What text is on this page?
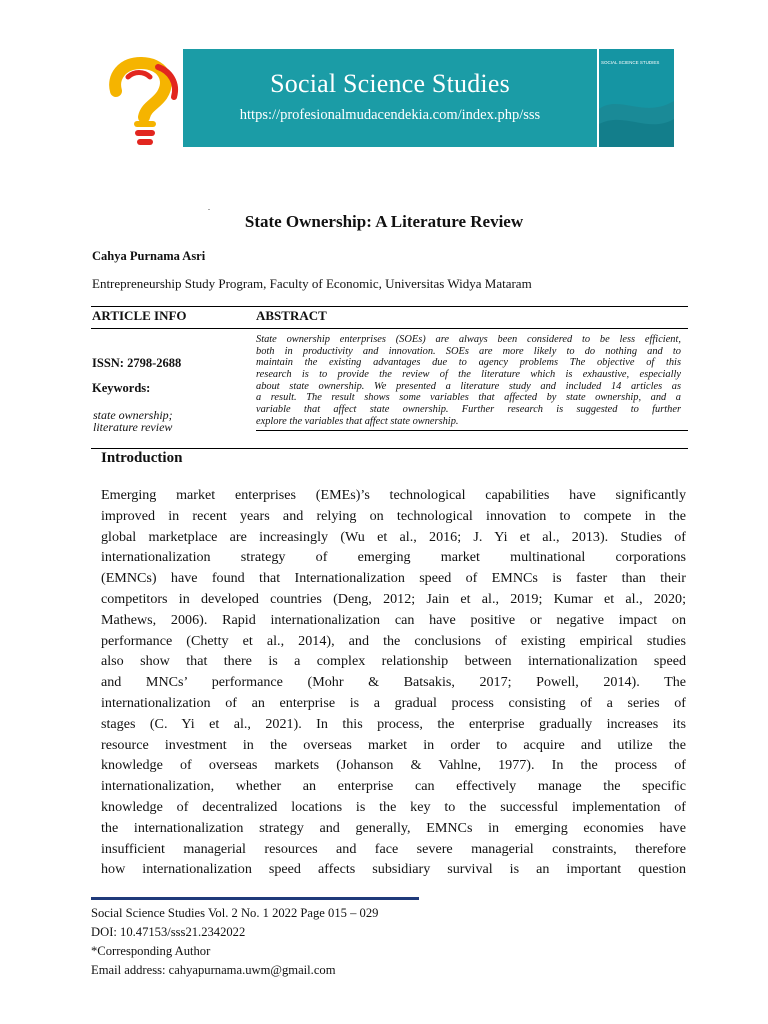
Social Science Studies
https://profesionalmudacendekia.com/index.php/sss
SOCIAL SCIENCE STUDIES
.
State Ownership: A Literature Review
Cahya Purnama Asri
Entrepreneurship Study Program, Faculty of Economic, Universitas Widya Mataram
ARTICLE INFO	ABSTRACT
ISSN: 2798-2688
Keywords:
state ownership;
literature review
State ownership enterprises (SOEs) are always been considered to be less efficient,
both in productivity and innovation. SOEs are more likely to do nothing and to
maintain the existing advantages due to agency problems The objective of this
research is to provide the review of the literature which is exhaustive, especially
about state ownership. We presented a literature study and included 14 articles as
a result. The result shows some variables that affected by state ownership, and a
variable that affect state ownership. Further research is suggested to further
explore the variables that affect state ownership.
Introduction
Emerging market enterprises (EMEs)’s technological capabilities have significantly
improved in recent years and relying on technological innovation to compete in the
global marketplace are increasingly (Wu et al., 2016; J. Yi et al., 2013). Studies of
internationalization strategy of emerging market multinational corporations
(EMNCs) have found that Internationalization speed of EMNCs is faster than their
competitors in developed countries (Deng, 2012; Jain et al., 2019; Kumar et al., 2020;
Mathews, 2006). Rapid internationalization can have positive or negative impact on
performance (Chetty et al., 2014), and the conclusions of existing empirical studies
also show that there is a complex relationship between internationalization speed
and MNCs’ performance (Mohr & Batsakis, 2017; Powell, 2014). The
internationalization of an enterprise is a gradual process consisting of a series of
stages (C. Yi et al., 2021). In this process, the enterprise gradually increases its
resource investment in the overseas market in order to acquire and utilize the
knowledge of overseas markets (Johanson & Vahlne, 1977). In the process of
internationalization, whether an enterprise can effectively manage the specific
knowledge of decentralized locations is the key to the successful implementation of
the internationalization strategy and generally, EMNCs in emerging economies have
insufficient managerial resources and face severe managerial constraints, therefore
how internationalization speed affects subsidiary survival is an important question
Social Science Studies Vol. 2 No. 1 2022 Page 015 – 029
DOI: 10.47153/sss21.2342022
*Corresponding Author
Email address: cahyapurnama.uwm@gmail.com
